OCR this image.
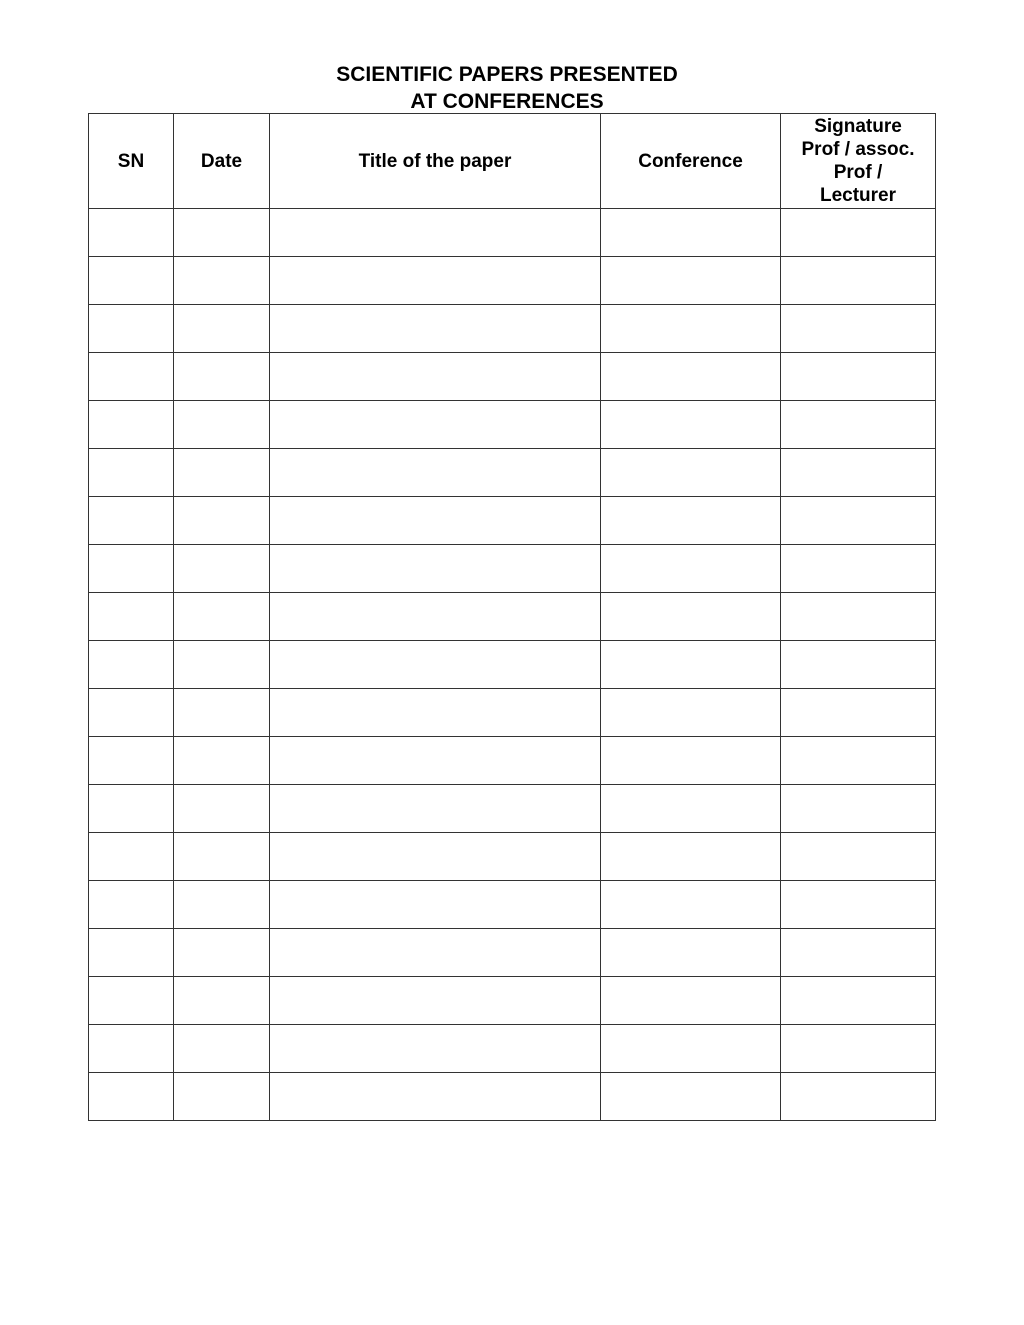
SCIENTIFIC PAPERS PRESENTED
AT CONFERENCES
SN	Date	Title of the paper	Conference	Signature
Prof / assoc.
Prof /
Lecturer
